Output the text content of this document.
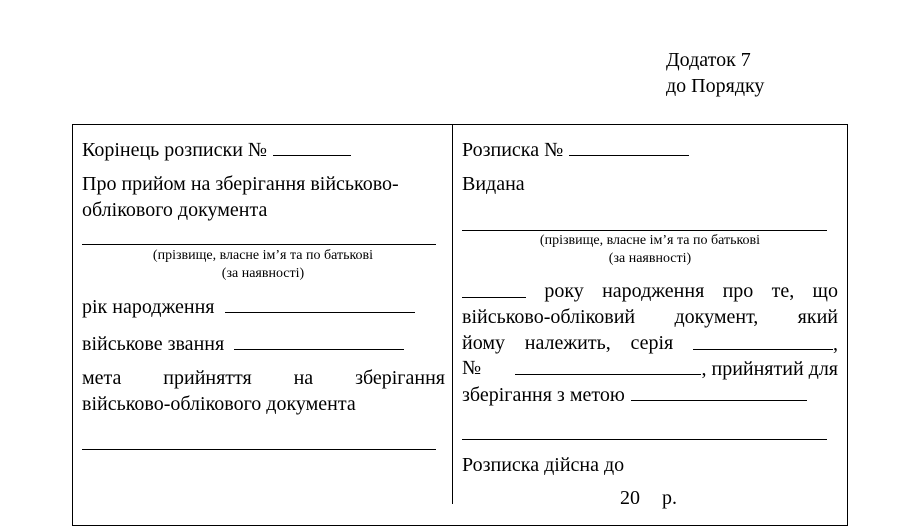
Додаток 7
до Порядку
Корінець розписки №
Про прийом на зберігання військово-
облікового документа
(прізвище, власне ім’я та по батькові
(за наявності)
рік народження
військове звання
мета прийняття на зберігання
військово-облікового документа
Розписка №
Видана
(прізвище, власне ім’я та по батькові
(за наявності)
року народження про те, що
військово-обліковий документ, який
йому належить, серія	,
№	, прийнятий для
зберігання з метою
Розписка дійсна до
20 р.
